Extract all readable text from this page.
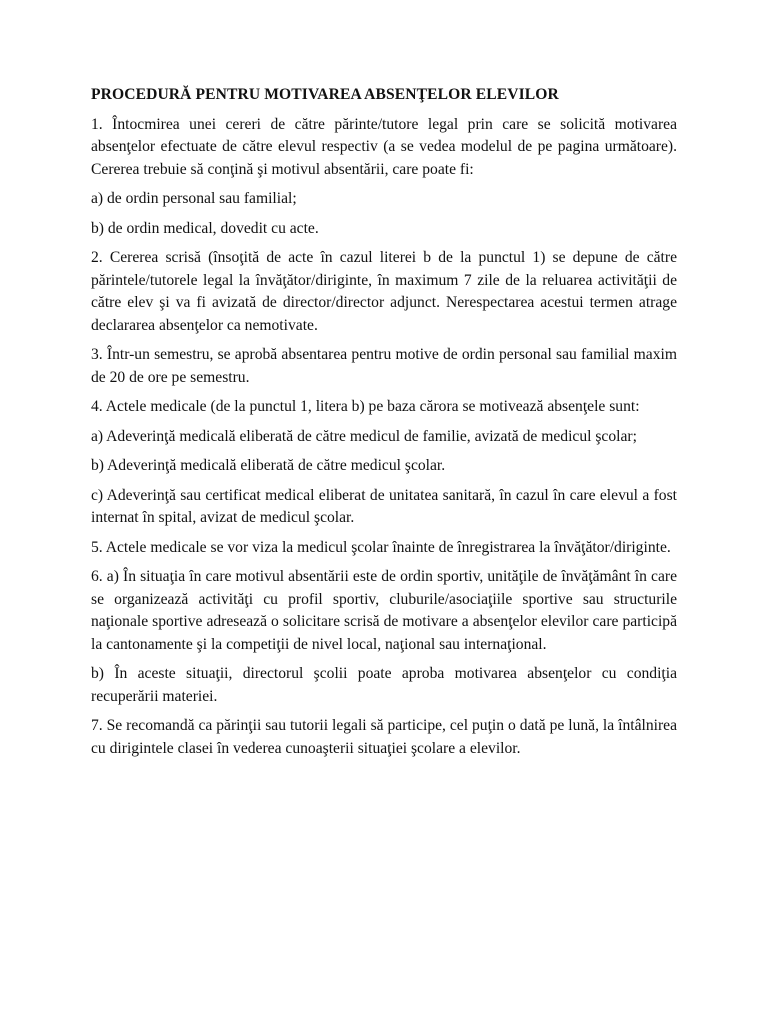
PROCEDURĂ PENTRU MOTIVAREA ABSENŢELOR ELEVILOR

1. Întocmirea unei cereri de către părinte/tutore legal prin care se solicită motivarea absenţelor efectuate de către elevul respectiv (a se vedea modelul de pe pagina următoare). Cererea trebuie să conţină şi motivul absentării, care poate fi:

a) de ordin personal sau familial;

b) de ordin medical, dovedit cu acte.

2. Cererea scrisă (însoţită de acte în cazul literei b de la punctul 1) se depune de către părintele/tutorele legal la învăţător/diriginte, în maximum 7 zile de la reluarea activităţii de către elev şi va fi avizată de director/director adjunct. Nerespectarea acestui termen atrage declararea absenţelor ca nemotivate.

3. Într-un semestru, se aprobă absentarea pentru motive de ordin personal sau familial maxim de 20 de ore pe semestru.

4. Actele medicale (de la punctul 1, litera b) pe baza cărora se motivează absenţele sunt:

a) Adeverinţă medicală eliberată de către medicul de familie, avizată de medicul şcolar;

b) Adeverinţă medicală eliberată de către medicul şcolar.

c) Adeverinţă sau certificat medical eliberat de unitatea sanitară, în cazul în care elevul a fost internat în spital, avizat de medicul şcolar.

5. Actele medicale se vor viza la medicul şcolar înainte de înregistrarea la învăţător/diriginte.

6. a) În situaţia în care motivul absentării este de ordin sportiv, unităţile de învăţământ în care se organizează activităţi cu profil sportiv, cluburile/asociaţiile sportive sau structurile naţionale sportive adresează o solicitare scrisă de motivare a absenţelor elevilor care participă la cantonamente şi la competiţii de nivel local, naţional sau internaţional.

b) În aceste situaţii, directorul şcolii poate aproba motivarea absenţelor cu condiţia recuperării materiei.

7. Se recomandă ca părinţii sau tutorii legali să participe, cel puţin o dată pe lună, la întâlnirea cu dirigintele clasei în vederea cunoaşterii situaţiei şcolare a elevilor.
